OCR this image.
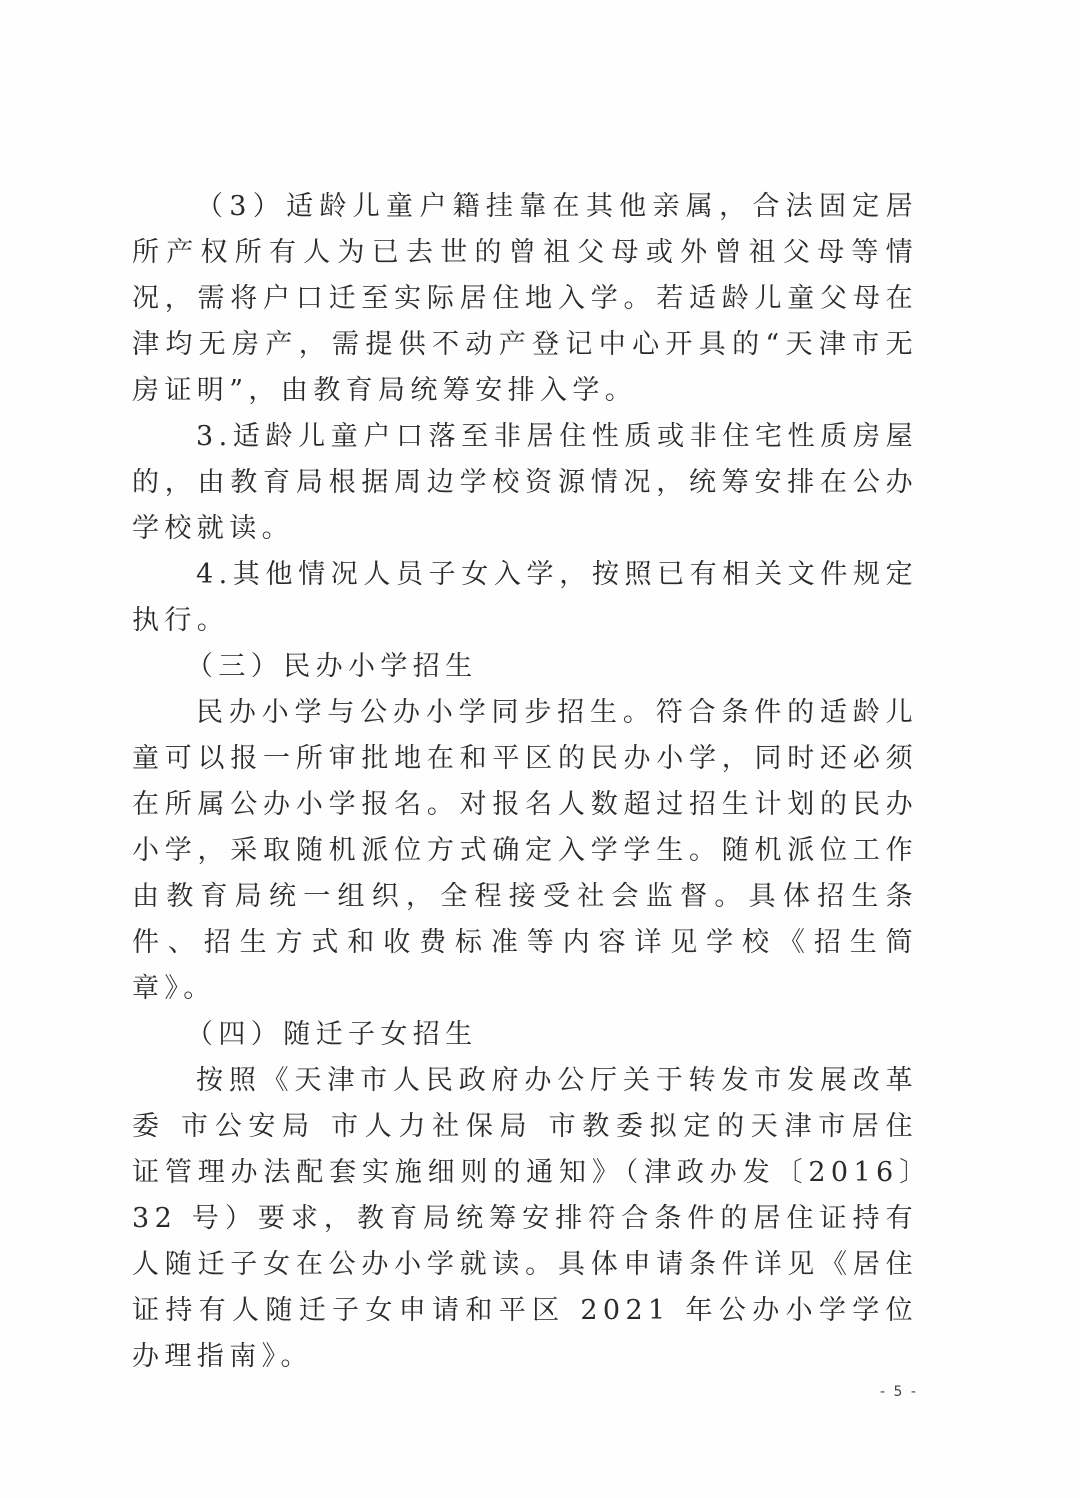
（3）适龄儿童户籍挂靠在其他亲属，合法固定居所产权所有人为已去世的曾祖父母或外曾祖父母等情况，需将户口迁至实际居住地入学。若适龄儿童父母在津均无房产，需提供不动产登记中心开具的“天津市无房证明”，由教育局统筹安排入学。

3.适龄儿童户口落至非居住性质或非住宅性质房屋的，由教育局根据周边学校资源情况，统筹安排在公办学校就读。

4.其他情况人员子女入学，按照已有相关文件规定执行。

（三）民办小学招生

民办小学与公办小学同步招生。符合条件的适龄儿童可以报一所审批地在和平区的民办小学，同时还必须在所属公办小学报名。对报名人数超过招生计划的民办小学，采取随机派位方式确定入学学生。随机派位工作由教育局统一组织，全程接受社会监督。具体招生条件、招生方式和收费标准等内容详见学校《招生简章》。

（四）随迁子女招生

按照《天津市人民政府办公厅关于转发市发展改革委 市公安局 市人力社保局 市教委拟定的天津市居住证管理办法配套实施细则的通知》（津政办发〔2016〕32 号）要求，教育局统筹安排符合条件的居住证持有人随迁子女在公办小学就读。具体申请条件详见《居住证持有人随迁子女申请和平区 2021 年公办小学学位办理指南》。

- 5 -
